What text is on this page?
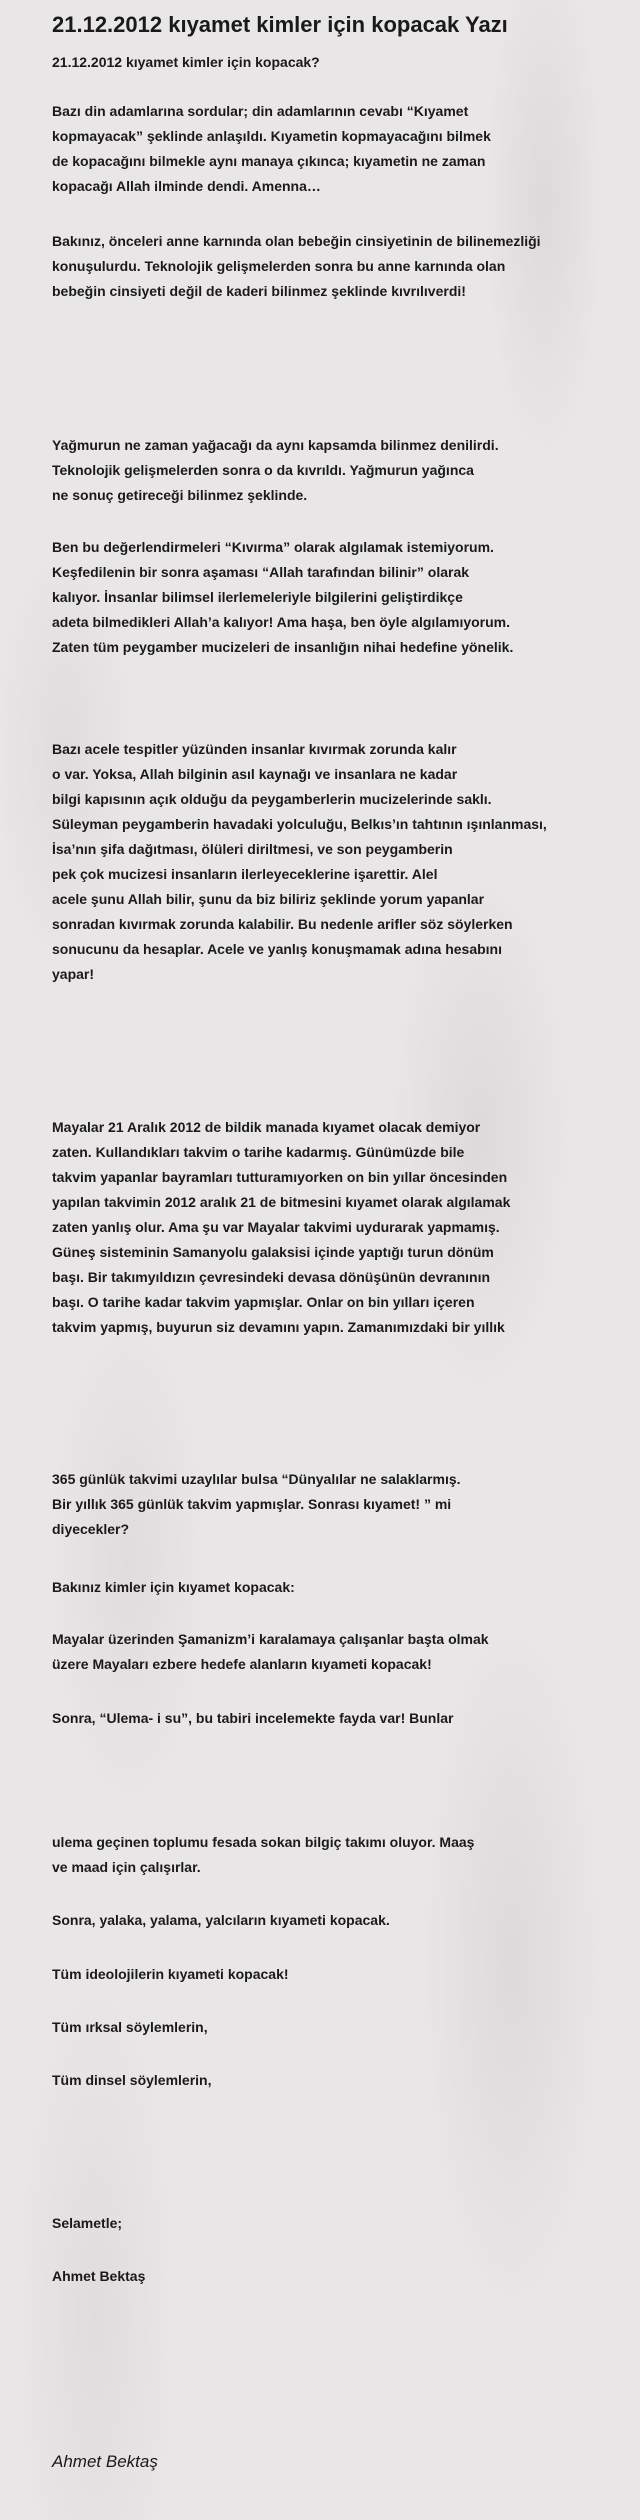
21.12.2012 kıyamet kimler için kopacak Yazı

21.12.2012 kıyamet kimler için kopacak?

Bazı din adamlarına sordular; din adamlarının cevabı “Kıyamet
kopmayacak” şeklinde anlaşıldı. Kıyametin kopmayacağını bilmek
de kopacağını bilmekle aynı manaya çıkınca; kıyametin ne zaman
kopacağı Allah ilminde dendi. Amenna…

Bakınız, önceleri anne karnında olan bebeğin cinsiyetinin de bilinemezliği
konuşulurdu. Teknolojik gelişmelerden sonra bu anne karnında olan
bebeğin cinsiyeti değil de kaderi bilinmez şeklinde kıvrılıverdi!

Yağmurun ne zaman yağacağı da aynı kapsamda bilinmez denilirdi.
Teknolojik gelişmelerden sonra o da kıvrıldı. Yağmurun yağınca
ne sonuç getireceği bilinmez şeklinde.

Ben bu değerlendirmeleri “Kıvırma” olarak algılamak istemiyorum.
Keşfedilenin bir sonra aşaması “Allah tarafından bilinir” olarak
kalıyor. İnsanlar bilimsel ilerlemeleriyle bilgilerini geliştirdikçe
adeta bilmedikleri Allah’a kalıyor! Ama haşa, ben öyle algılamıyorum.
Zaten tüm peygamber mucizeleri de insanlığın nihai hedefine yönelik.

Bazı acele tespitler yüzünden insanlar kıvırmak zorunda kalır
o var. Yoksa, Allah bilginin asıl kaynağı ve insanlara ne kadar
bilgi kapısının açık olduğu da peygamberlerin mucizelerinde saklı.
Süleyman peygamberin havadaki yolculuğu, Belkıs’ın tahtının ışınlanması,
İsa’nın şifa dağıtması, ölüleri diriltmesi, ve son peygamberin
pek çok mucizesi insanların ilerleyeceklerine işarettir. Alel
acele şunu Allah bilir, şunu da biz biliriz şeklinde yorum yapanlar
sonradan kıvırmak zorunda kalabilir. Bu nedenle arifler söz söylerken
sonucunu da hesaplar. Acele ve yanlış konuşmamak adına hesabını
yapar!

Mayalar 21 Aralık 2012 de bildik manada kıyamet olacak demiyor
zaten. Kullandıkları takvim o tarihe kadarmış. Günümüzde bile
takvim yapanlar bayramları tutturamıyorken on bin yıllar öncesinden
yapılan takvimin 2012 aralık 21 de bitmesini kıyamet olarak algılamak
zaten yanlış olur. Ama şu var Mayalar takvimi uydurarak yapmamış.
Güneş sisteminin Samanyolu galaksisi içinde yaptığı turun dönüm
başı. Bir takımyıldızın çevresindeki devasa dönüşünün devranının
başı. O tarihe kadar takvim yapmışlar. Onlar on bin yılları içeren
takvim yapmış, buyurun siz devamını yapın. Zamanımızdaki bir yıllık

365 günlük takvimi uzaylılar bulsa “Dünyalılar ne salaklarmış.
Bir yıllık 365 günlük takvim yapmışlar. Sonrası kıyamet! ” mi
diyecekler?

Bakınız kimler için kıyamet kopacak:

Mayalar üzerinden Şamanizm’i karalamaya çalışanlar başta olmak
üzere Mayaları ezbere hedefe alanların kıyameti kopacak!

Sonra, “Ulema- i su”, bu tabiri incelemekte fayda var! Bunlar

ulema geçinen toplumu fesada sokan bilgiç takımı oluyor. Maaş
ve maad için çalışırlar.

Sonra, yalaka, yalama, yalcıların kıyameti kopacak.

Tüm ideolojilerin kıyameti kopacak!

Tüm ırksal söylemlerin,

Tüm dinsel söylemlerin,

Selametle;

Ahmet Bektaş

Ahmet Bektaş
